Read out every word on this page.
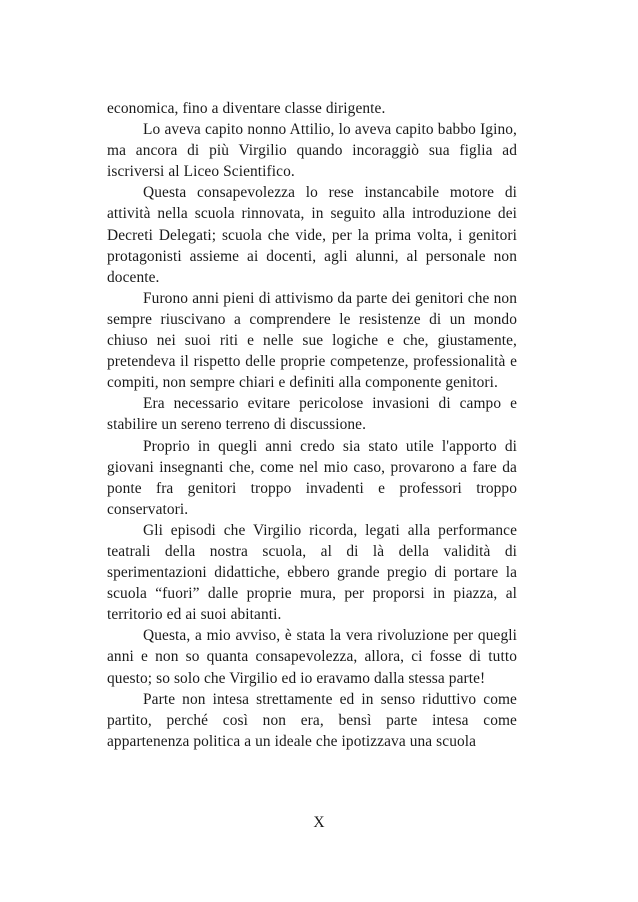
economica, fino a diventare classe dirigente.

Lo aveva capito nonno Attilio, lo aveva capito babbo Igino, ma ancora di più Virgilio quando incoraggiò sua figlia ad iscriversi al Liceo Scientifico.

Questa consapevolezza lo rese instancabile motore di attività nella scuola rinnovata, in seguito alla introduzione dei Decreti Delegati; scuola che vide, per la prima volta, i genitori protagonisti assieme ai docenti, agli alunni, al personale non docente.

Furono anni pieni di attivismo da parte dei genitori che non sempre riuscivano a comprendere le resistenze di un mondo chiuso nei suoi riti e nelle sue logiche e che, giustamente, pretendeva il rispetto delle proprie competenze, professionalità e compiti, non sempre chiari e definiti alla componente genitori.

Era necessario evitare pericolose invasioni di campo e stabilire un sereno terreno di discussione.

Proprio in quegli anni credo sia stato utile l'apporto di giovani insegnanti che, come nel mio caso, provarono a fare da ponte fra genitori troppo invadenti e professori troppo conservatori.

Gli episodi che Virgilio ricorda, legati alla performance teatrali della nostra scuola, al di là della validità di sperimentazioni didattiche, ebbero grande pregio di portare la scuola “fuori” dalle proprie mura, per proporsi in piazza, al territorio ed ai suoi abitanti.

Questa, a mio avviso, è stata la vera rivoluzione per quegli anni e non so quanta consapevolezza, allora, ci fosse di tutto questo; so solo che Virgilio ed io eravamo dalla stessa parte!

Parte non intesa strettamente ed in senso riduttivo come partito, perché così non era, bensì parte intesa come appartenenza politica a un ideale che ipotizzava una scuola

X
